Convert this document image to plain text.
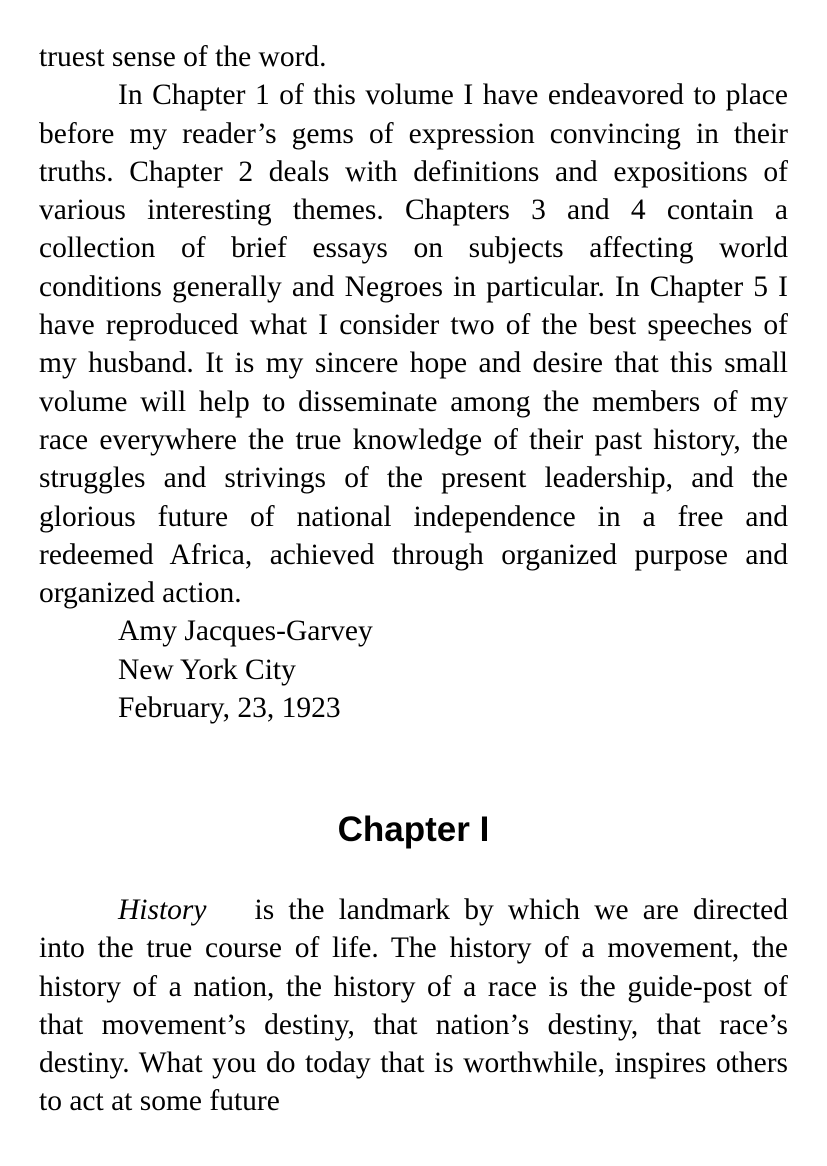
truest sense of the word.

In Chapter 1 of this volume I have endeavored to place before my reader’s gems of expression convincing in their truths. Chapter 2 deals with definitions and expositions of various interesting themes. Chapters 3 and 4 contain a collection of brief essays on subjects affecting world conditions generally and Negroes in particular. In Chapter 5 I have reproduced what I consider two of the best speeches of my husband. It is my sincere hope and desire that this small volume will help to disseminate among the members of my race everywhere the true knowledge of their past history, the struggles and strivings of the present leadership, and the glorious future of national independence in a free and redeemed Africa, achieved through organized purpose and organized action.

Amy Jacques-Garvey
New York City
February, 23, 1923
Chapter I

History is the landmark by which we are directed into the true course of life. The history of a movement, the history of a nation, the history of a race is the guide-post of that movement’s destiny, that nation’s destiny, that race’s destiny. What you do today that is worthwhile, inspires others to act at some future
